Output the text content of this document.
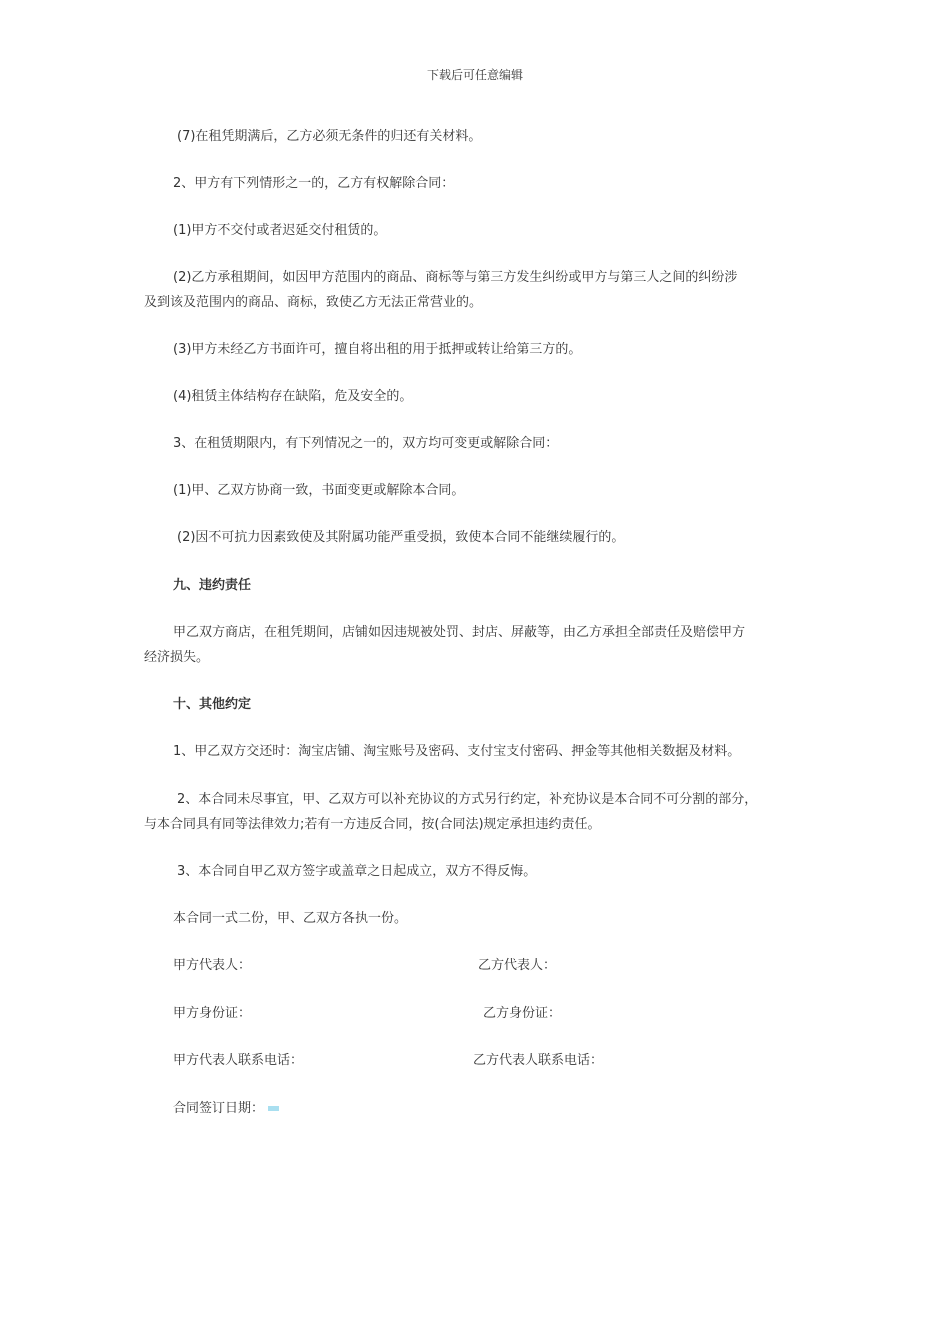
下载后可任意编辑
(7)在租凭期满后，乙方必须无条件的归还有关材料。
2、甲方有下列情形之一的，乙方有权解除合同：
(1)甲方不交付或者迟延交付租赁的。
(2)乙方承租期间，如因甲方范围内的商品、商标等与第三方发生纠纷或甲方与第三人之间的纠纷涉
及到该及范围内的商品、商标，致使乙方无法正常营业的。
(3)甲方未经乙方书面许可，擅自将出租的用于抵押或转让给第三方的。
(4)租赁主体结构存在缺陷，危及安全的。
3、在租赁期限内，有下列情况之一的，双方均可变更或解除合同：
(1)甲、乙双方协商一致，书面变更或解除本合同。
(2)因不可抗力因素致使及其附属功能严重受损，致使本合同不能继续履行的。
九、违约责任
甲乙双方商店，在租凭期间，店铺如因违规被处罚、封店、屏蔽等，由乙方承担全部责任及赔偿甲方
经济损失。
十、其他约定
1、甲乙双方交还时：淘宝店铺、淘宝账号及密码、支付宝支付密码、押金等其他相关数据及材料。
2、本合同未尽事宜，甲、乙双方可以补充协议的方式另行约定，补充协议是本合同不可分割的部分，
与本合同具有同等法律效力;若有一方违反合同，按(合同法)规定承担违约责任。
3、本合同自甲乙双方签字或盖章之日起成立，双方不得反悔。
本合同一式二份，甲、乙双方各执一份。
甲方代表人：	乙方代表人：
甲方身份证：	乙方身份证：
甲方代表人联系电话：	乙方代表人联系电话：
合同签订日期：
